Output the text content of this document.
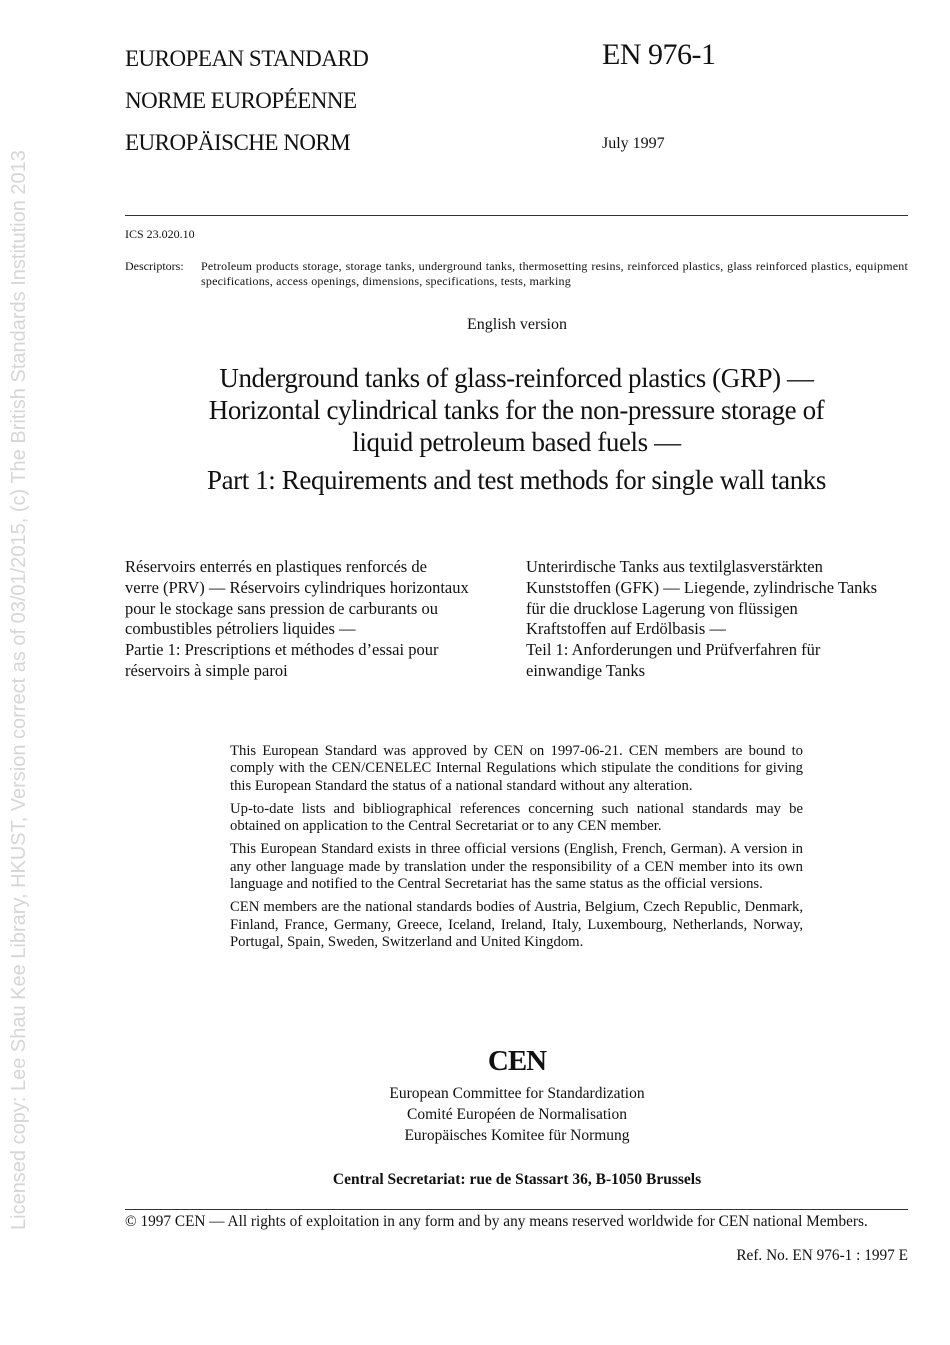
Licensed copy: Lee Shau Kee Library, HKUST, Version correct as of 03/01/2015, (c) The British Standards Institution 2013
EUROPEAN STANDARD
NORME EUROPÉENNE
EUROPÄISCHE NORM
EN 976-1
July 1997
ICS 23.020.10
Descriptors: Petroleum products storage, storage tanks, underground tanks, thermosetting resins, reinforced plastics, glass reinforced plastics, equipment specifications, access openings, dimensions, specifications, tests, marking
English version
Underground tanks of glass-reinforced plastics (GRP) —
Horizontal cylindrical tanks for the non-pressure storage of
liquid petroleum based fuels —
Part 1: Requirements and test methods for single wall tanks
Réservoirs enterrés en plastiques renforcés de
verre (PRV) — Réservoirs cylindriques horizontaux
pour le stockage sans pression de carburants ou
combustibles pétroliers liquides —
Partie 1: Prescriptions et méthodes d’essai pour
réservoirs à simple paroi
Unterirdische Tanks aus textilglasverstärkten
Kunststoffen (GFK) — Liegende, zylindrische Tanks
für die drucklose Lagerung von flüssigen
Kraftstoffen auf Erdölbasis —
Teil 1: Anforderungen und Prüfverfahren für
einwandige Tanks

This European Standard was approved by CEN on 1997-06-21. CEN members are bound to comply with the CEN/CENELEC Internal Regulations which stipulate the conditions for giving this European Standard the status of a national standard without any alteration.

Up-to-date lists and bibliographical references concerning such national standards may be obtained on application to the Central Secretariat or to any CEN member.

This European Standard exists in three official versions (English, French, German). A version in any other language made by translation under the responsibility of a CEN member into its own language and notified to the Central Secretariat has the same status as the official versions.

CEN members are the national standards bodies of Austria, Belgium, Czech Republic, Denmark, Finland, France, Germany, Greece, Iceland, Ireland, Italy, Luxembourg, Netherlands, Norway, Portugal, Spain, Sweden, Switzerland and United Kingdom.

CEN
European Committee for Standardization
Comité Européen de Normalisation
Europäisches Komitee für Normung
Central Secretariat: rue de Stassart 36, B-1050 Brussels
© 1997 CEN — All rights of exploitation in any form and by any means reserved worldwide for CEN national Members.
Ref. No. EN 976-1 : 1997 E
